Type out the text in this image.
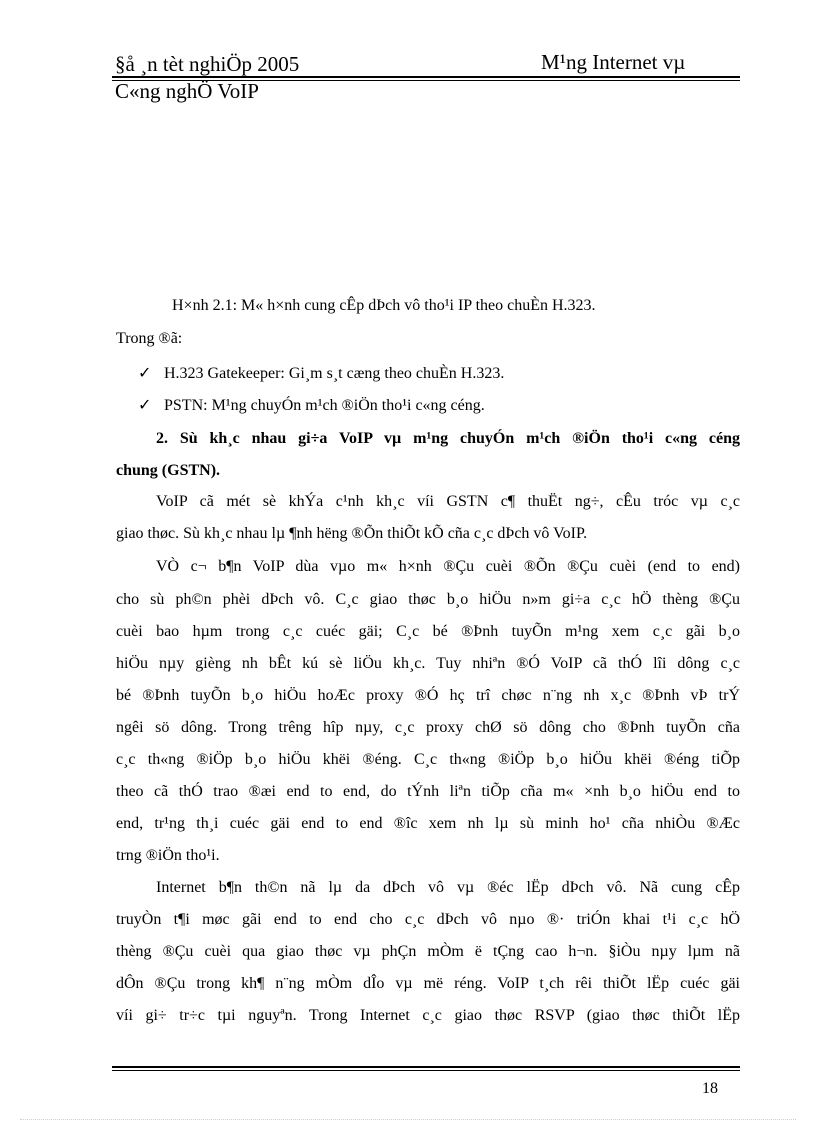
§å ¸n tèt nghiÖp 2005	M¹ng Internet vµ
C«ng nghÖ VoIP
H×nh 2.1: M« h×nh cung cÊp dÞch vô tho¹i IP theo chuÈn H.323.
Trong ®ã:
✓ H.323 Gatekeeper: Gi¸m s¸t cæng theo chuÈn H.323.
✓ PSTN: M¹ng chuyÓn m¹ch ®iÖn tho¹i c«ng céng.
2. Sù kh¸c nhau gi÷a VoIP vµ m¹ng chuyÓn m¹ch ®iÖn tho¹i c«ng céng
chung (GSTN).
VoIP cã mét sè khÝa c¹nh kh¸c víi GSTN c¶ thuËt ng÷, cÊu tróc vµ c¸c
giao thøc. Sù kh¸c nhau lµ ¶nh hëng ®Õn thiÕt kÕ cña c¸c dÞch vô VoIP.
VÒ c¬ b¶n VoIP dùa vµo m« h×nh ®Çu cuèi ®Õn ®Çu cuèi (end to end)
cho sù ph©n phèi dÞch vô. C¸c giao thøc b¸o hiÖu n»m gi÷a c¸c hÖ thèng ®Çu
cuèi bao hµm trong c¸c cuéc gäi; C¸c bé ®Þnh tuyÕn m¹ng xem c¸c gãi b¸o
hiÖu nµy gièng nh bÊt kú sè liÖu kh¸c. Tuy nhiªn ®Ó VoIP cã thÓ lîi dông c¸c
bé ®Þnh tuyÕn b¸o hiÖu hoÆc proxy ®Ó hç trî chøc n¨ng nh x¸c ®Þnh vÞ trÝ
ngêi sö dông. Trong trêng hîp nµy, c¸c proxy chØ sö dông cho ®Þnh tuyÕn cña
c¸c th«ng ®iÖp b¸o hiÖu khëi ®éng. C¸c th«ng ®iÖp b¸o hiÖu khëi ®éng tiÕp
theo cã thÓ trao ®æi end to end, do tÝnh liªn tiÕp cña m« ×nh b¸o hiÖu end to
end, tr¹ng th¸i cuéc gäi end to end ®îc xem nh lµ sù minh ho¹ cña nhiÒu ®Æc
trng ®iÖn tho¹i.
Internet b¶n th©n nã lµ da dÞch vô vµ ®éc lËp dÞch vô. Nã cung cÊp
truyÒn t¶i møc gãi end to end cho c¸c dÞch vô nµo ®· triÓn khai t¹i c¸c hÖ
thèng ®Çu cuèi qua giao thøc vµ phÇn mÒm ë tÇng cao h¬n. §iÒu nµy lµm nã
dÔn ®Çu trong kh¶ n¨ng mÒm dÎo vµ më réng. VoIP t¸ch rêi thiÕt lËp cuéc gäi
víi gi÷ tr÷c tµi nguyªn. Trong Internet c¸c giao thøc RSVP (giao thøc thiÕt lËp
18
